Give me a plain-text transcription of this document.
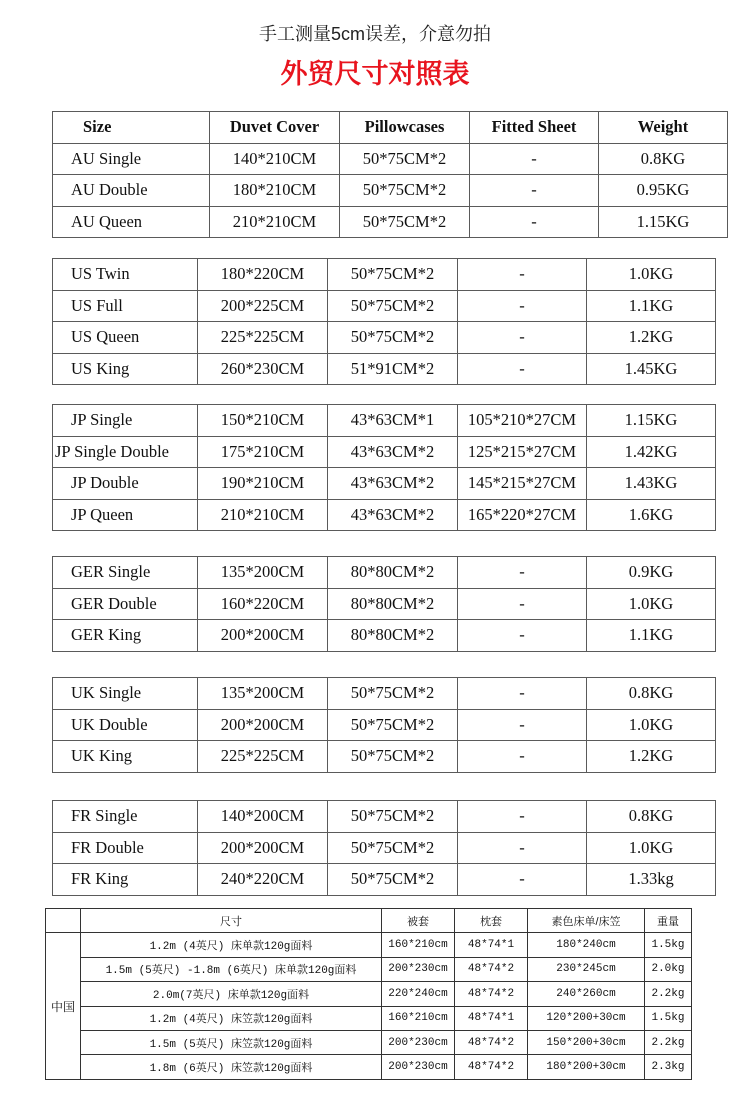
手工测量5cm误差，介意勿拍
外贸尺寸对照表
Size	Duvet Cover	Pillowcases	Fitted Sheet	Weight
AU Single	140*210CM	50*75CM*2	-	0.8KG
AU Double	180*210CM	50*75CM*2	-	0.95KG
AU Queen	210*210CM	50*75CM*2	-	1.15KG
US Twin	180*220CM	50*75CM*2	-	1.0KG
US Full	200*225CM	50*75CM*2	-	1.1KG
US Queen	225*225CM	50*75CM*2	-	1.2KG
US King	260*230CM	51*91CM*2	-	1.45KG
JP Single	150*210CM	43*63CM*1	105*210*27CM	1.15KG
JP Single Double	175*210CM	43*63CM*2	125*215*27CM	1.42KG
JP Double	190*210CM	43*63CM*2	145*215*27CM	1.43KG
JP Queen	210*210CM	43*63CM*2	165*220*27CM	1.6KG
GER Single	135*200CM	80*80CM*2	-	0.9KG
GER Double	160*220CM	80*80CM*2	-	1.0KG
GER King	200*200CM	80*80CM*2	-	1.1KG
UK Single	135*200CM	50*75CM*2	-	0.8KG
UK Double	200*200CM	50*75CM*2	-	1.0KG
UK King	225*225CM	50*75CM*2	-	1.2KG
FR Single	140*200CM	50*75CM*2	-	0.8KG
FR Double	200*200CM	50*75CM*2	-	1.0KG
FR King	240*220CM	50*75CM*2	-	1.33kg
	尺寸	被套	枕套	素色床单/床笠	重量
中国	1.2m (4英尺) 床单款120g面料	160*210cm	48*74*1	180*240cm	1.5kg
	1.5m (5英尺) -1.8m (6英尺) 床单款120g面料	200*230cm	48*74*2	230*245cm	2.0kg
	2.0m(7英尺) 床单款120g面料	220*240cm	48*74*2	240*260cm	2.2kg
	1.2m (4英尺) 床笠款120g面料	160*210cm	48*74*1	120*200+30cm	1.5kg
	1.5m (5英尺) 床笠款120g面料	200*230cm	48*74*2	150*200+30cm	2.2kg
	1.8m (6英尺) 床笠款120g面料	200*230cm	48*74*2	180*200+30cm	2.3kg
